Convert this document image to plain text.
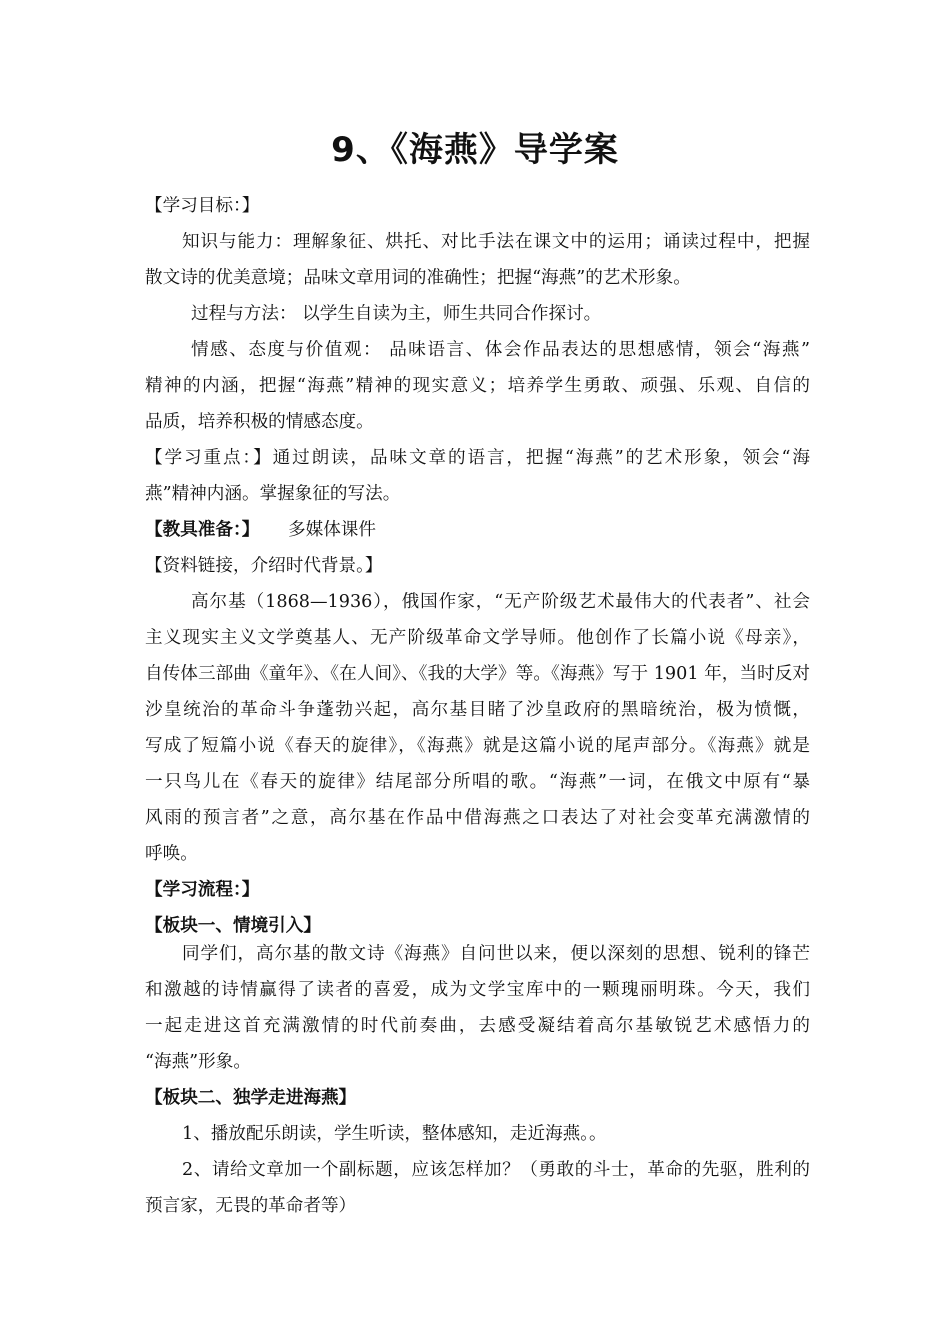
9、《海燕》导学案
【学习目标：】
知识与能力：理解象征、烘托、对比手法在课文中的运用；诵读过程中，把握
散文诗的优美意境；品味文章用词的准确性；把握“海燕”的艺术形象。
过程与方法： 以学生自读为主，师生共同合作探讨。
情感、态度与价值观： 品味语言、体会作品表达的思想感情，领会“海燕”
精神的内涵，把握“海燕”精神的现实意义；培养学生勇敢、顽强、乐观、自信的
品质，培养积极的情感态度。
【学习重点：】通过朗读，品味文章的语言，把握“海燕”的艺术形象，领会“海
燕”精神内涵。掌握象征的写法。
【教具准备：】	多媒体课件
【资料链接，介绍时代背景。】
高尔基（1868—1936），俄国作家，“无产阶级艺术最伟大的代表者”、社会
主义现实主义文学奠基人、无产阶级革命文学导师。他创作了长篇小说《母亲》，
自传体三部曲《童年》、《在人间》、《我的大学》等。《海燕》写于 1901 年，当时反对
沙皇统治的革命斗争蓬勃兴起，高尔基目睹了沙皇政府的黑暗统治，极为愤慨，
写成了短篇小说《春天的旋律》，《海燕》就是这篇小说的尾声部分。《海燕》就是
一只鸟儿在《春天的旋律》结尾部分所唱的歌。“海燕”一词，在俄文中原有“暴
风雨的预言者”之意，高尔基在作品中借海燕之口表达了对社会变革充满激情的
呼唤。
【学习流程：】
【板块一、情境引入】
同学们，高尔基的散文诗《海燕》自问世以来，便以深刻的思想、锐利的锋芒
和激越的诗情赢得了读者的喜爱，成为文学宝库中的一颗瑰丽明珠。今天，我们
一起走进这首充满激情的时代前奏曲，去感受凝结着高尔基敏锐艺术感悟力的
“海燕”形象。
【板块二、独学走进海燕】
1、播放配乐朗读，学生听读，整体感知，走近海燕。。
2、请给文章加一个副标题，应该怎样加？（勇敢的斗士，革命的先驱，胜利的
预言家，无畏的革命者等）
